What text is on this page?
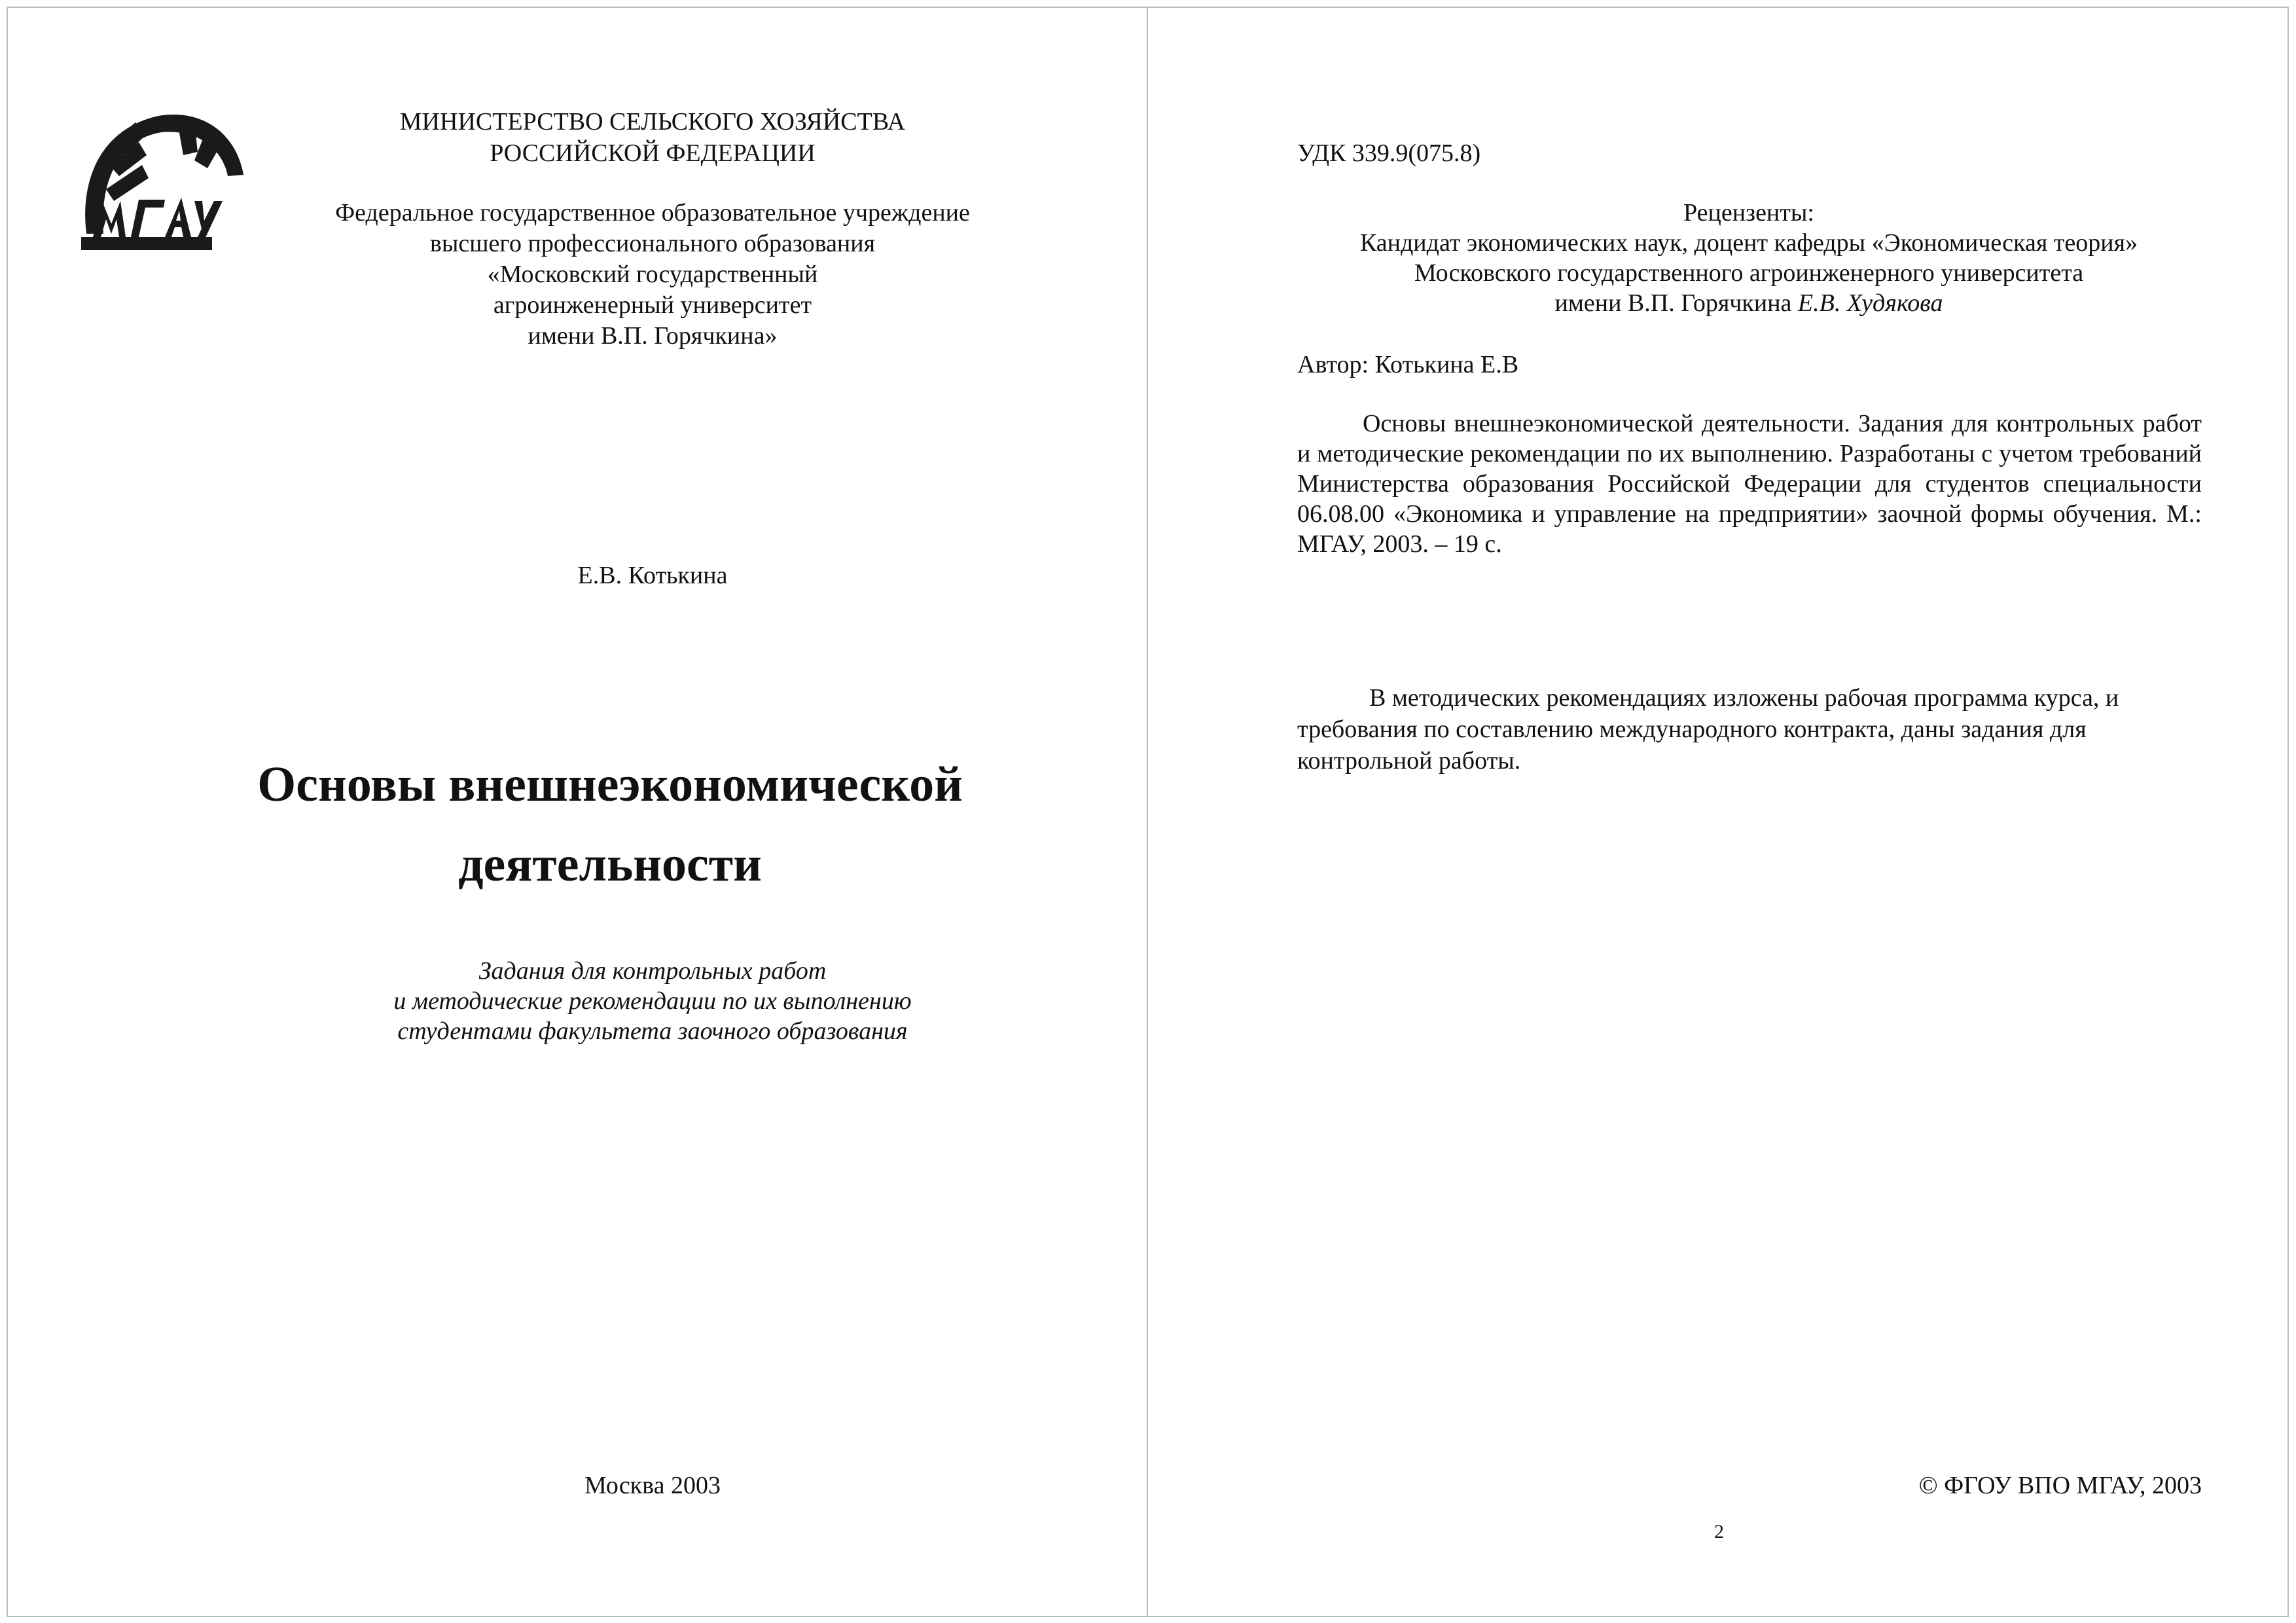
МИНИСТЕРСТВО СЕЛЬСКОГО ХОЗЯЙСТВА
РОССИЙСКОЙ ФЕДЕРАЦИИ
Федеральное государственное образовательное учреждение
высшего профессионального образования
«Московский государственный
агроинженерный университет
имени В.П. Горячкина»
Е.В. Котькина
Основы внешнеэкономической
деятельности
Задания для контрольных работ
и методические рекомендации по их выполнению
студентами факультета заочного образования
Москва 2003
УДК 339.9(075.8)
Рецензенты:
Кандидат экономических наук, доцент кафедры «Экономическая теория»
Московского государственного агроинженерного университета
имени В.П. Горячкина Е.В. Худякова
Автор: Котькина Е.В
Основы внешнеэкономической деятельности. Задания для контрольных работ и методические рекомендации по их выполнению. Разработаны с учетом требований Министерства образования Российской Федерации для студентов специальности 06.08.00 «Экономика и управление на предприятии» заочной формы обучения. М.: МГАУ, 2003. – 19 с.
В методических рекомендациях изложены рабочая программа курса, и требования по составлению международного контракта, даны задания для контрольной работы.
© ФГОУ ВПО МГАУ, 2003
2
